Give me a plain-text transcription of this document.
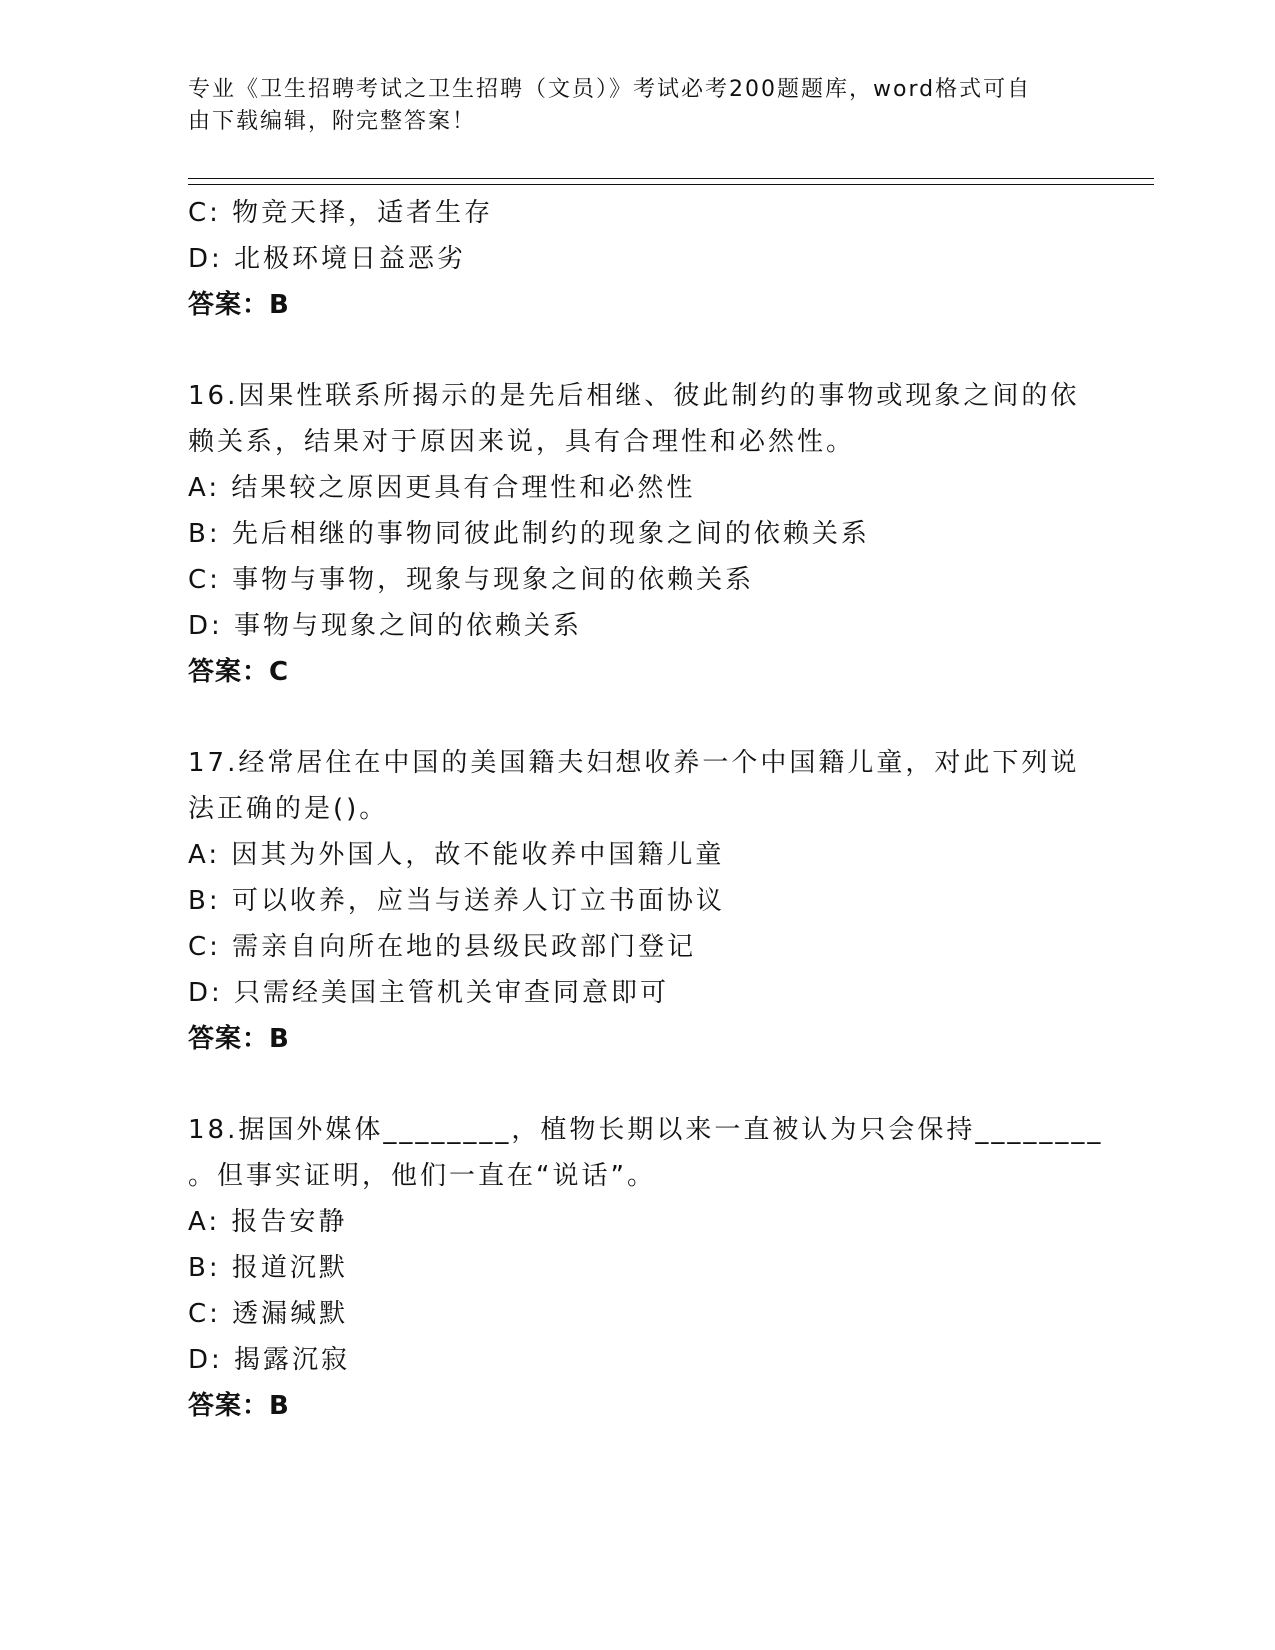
专业《卫生招聘考试之卫生招聘（文员）》考试必考200题题库，word格式可自
由下载编辑，附完整答案！
C: 物竞天择，适者生存
D: 北极环境日益恶劣
答案：B
16.因果性联系所揭示的是先后相继、彼此制约的事物或现象之间的依
赖关系，结果对于原因来说，具有合理性和必然性。
A: 结果较之原因更具有合理性和必然性
B: 先后相继的事物同彼此制约的现象之间的依赖关系
C: 事物与事物，现象与现象之间的依赖关系
D: 事物与现象之间的依赖关系
答案：C
17.经常居住在中国的美国籍夫妇想收养一个中国籍儿童，对此下列说
法正确的是()。
A: 因其为外国人，故不能收养中国籍儿童
B: 可以收养，应当与送养人订立书面协议
C: 需亲自向所在地的县级民政部门登记
D: 只需经美国主管机关审查同意即可
答案：B
18.据国外媒体________，植物长期以来一直被认为只会保持________
。但事实证明，他们一直在“说话”。
A: 报告安静
B: 报道沉默
C: 透漏缄默
D: 揭露沉寂
答案：B
